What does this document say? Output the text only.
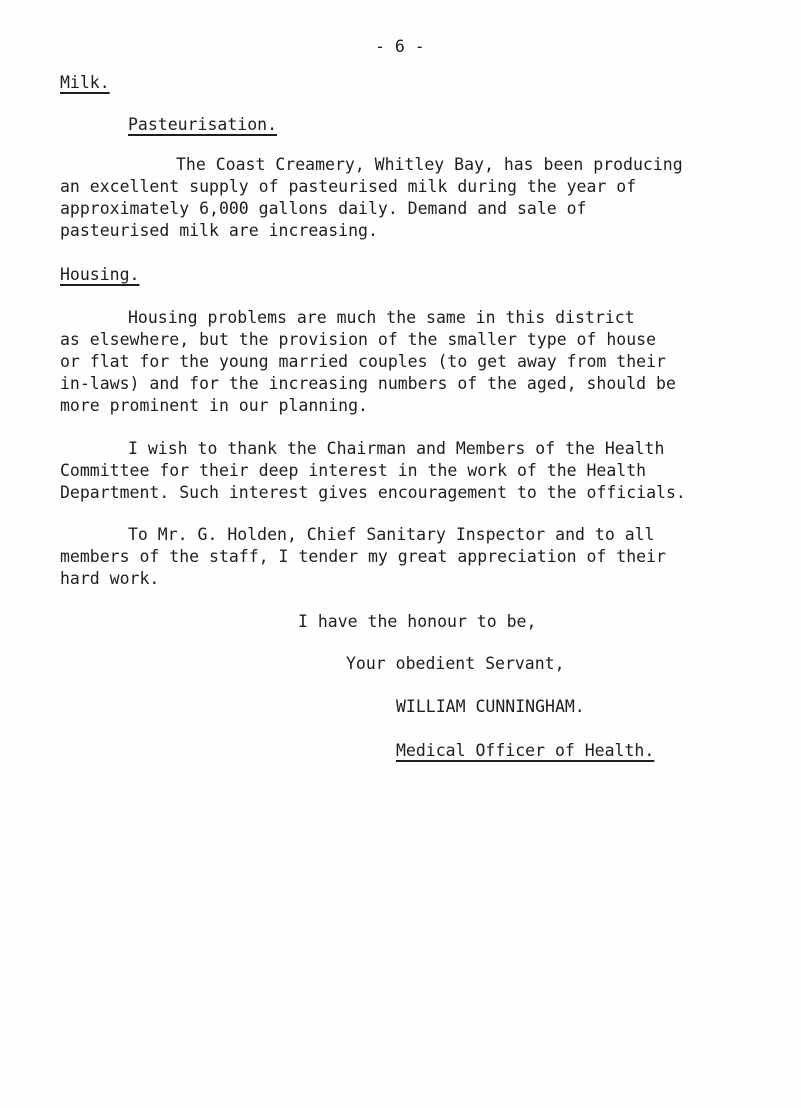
- 6 -
Milk.
Pasteurisation.
The Coast Creamery, Whitley Bay, has been producing
an excellent supply of pasteurised milk during the year of
approximately 6,000 gallons daily. Demand and sale of
pasteurised milk are increasing.
Housing.
Housing problems are much the same in this district
as elsewhere, but the provision of the smaller type of house
or flat for the young married couples (to get away from their
in-laws) and for the increasing numbers of the aged, should be
more prominent in our planning.
I wish to thank the Chairman and Members of the Health
Committee for their deep interest in the work of the Health
Department. Such interest gives encouragement to the officials.
To Mr. G. Holden, Chief Sanitary Inspector and to all
members of the staff, I tender my great appreciation of their
hard work.
I have the honour to be,
Your obedient Servant,
WILLIAM CUNNINGHAM.
Medical Officer of Health.
